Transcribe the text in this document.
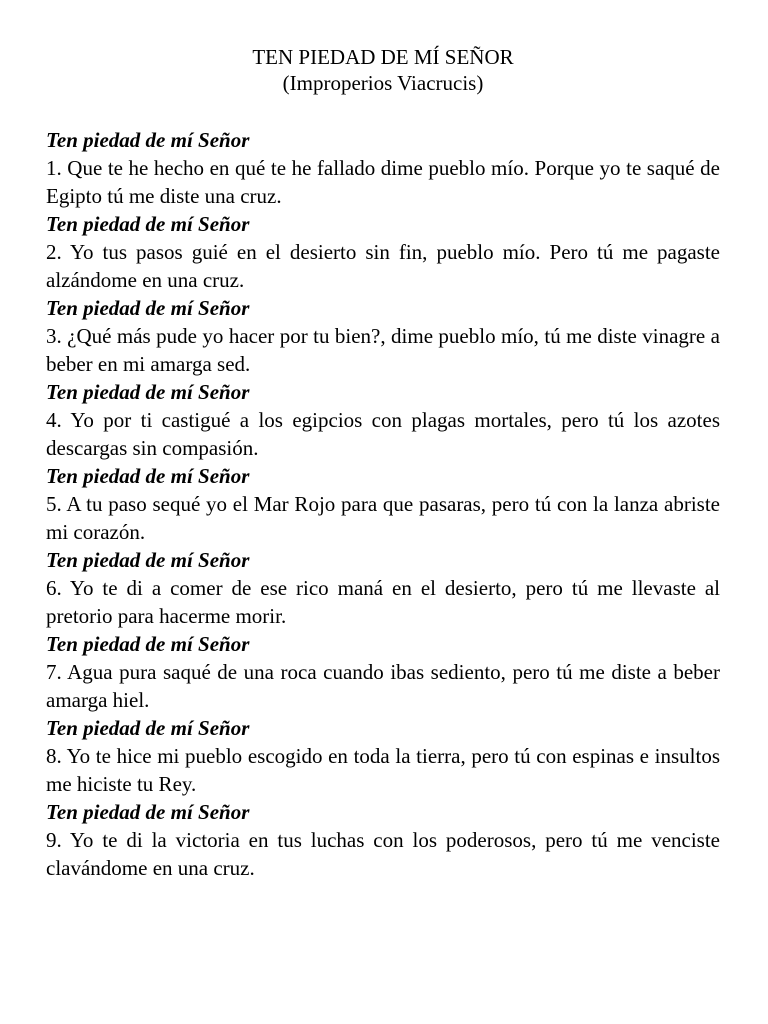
TEN PIEDAD DE MÍ SEÑOR

(Improperios Viacrucis)

Ten piedad de mí Señor

1. Que te he hecho en qué te he fallado dime pueblo mío. Porque yo te saqué de Egipto tú me diste una cruz.

Ten piedad de mí Señor

2. Yo tus pasos guié en el desierto sin fin, pueblo mío. Pero tú me pagaste alzándome en una cruz.

Ten piedad de mí Señor

3. ¿Qué más pude yo hacer por tu bien?, dime pueblo mío, tú me diste vinagre a beber en mi amarga sed.

Ten piedad de mí Señor

4. Yo por ti castigué a los egipcios con plagas mortales, pero tú los azotes descargas sin compasión.

Ten piedad de mí Señor

5. A tu paso sequé yo el Mar Rojo para que pasaras, pero tú con la lanza abriste mi corazón.

Ten piedad de mí Señor

6. Yo te di a comer de ese rico maná en el desierto, pero tú me llevaste al pretorio para hacerme morir.

Ten piedad de mí Señor

7. Agua pura saqué de una roca cuando ibas sediento, pero tú me diste a beber amarga hiel.

Ten piedad de mí Señor

8. Yo te hice mi pueblo escogido en toda la tierra, pero tú con espinas e insultos me hiciste tu Rey.

Ten piedad de mí Señor

9. Yo te di la victoria en tus luchas con los poderosos, pero tú me venciste clavándome en una cruz.
